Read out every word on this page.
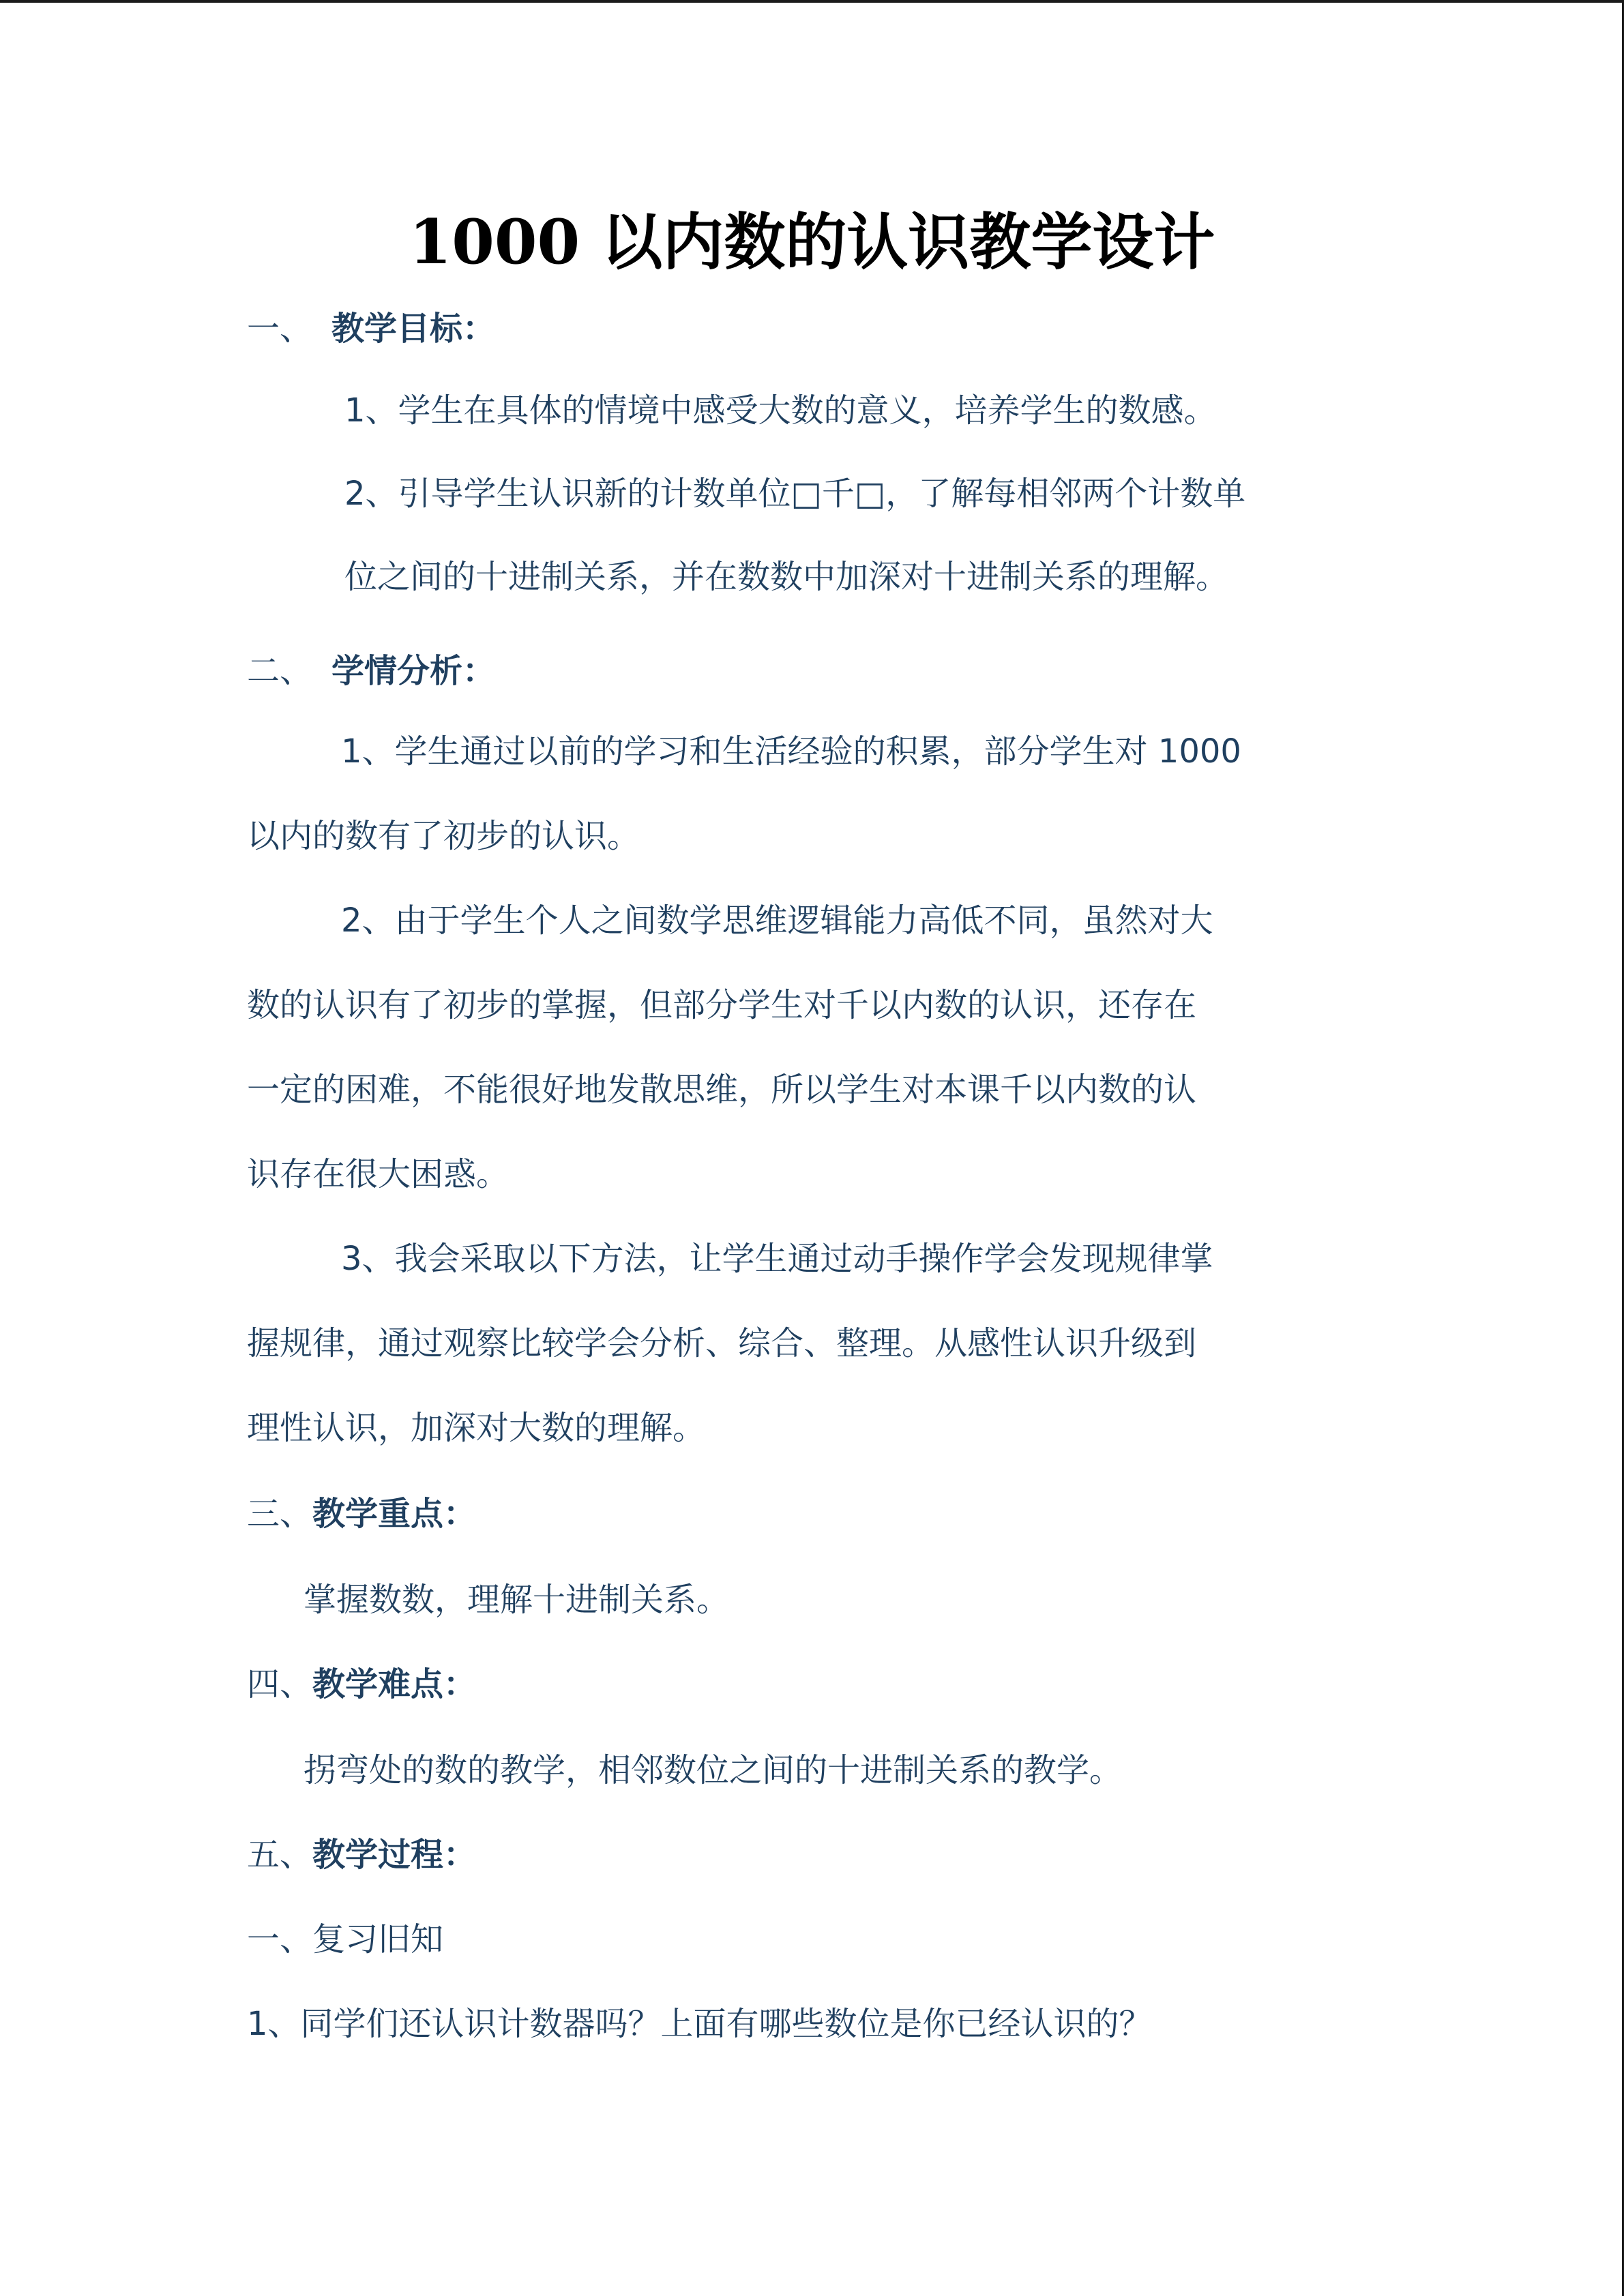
1000 以内数的认识教学设计
一、 教学目标：

1、学生在具体的情境中感受大数的意义，培养学生的数感。

2、引导学生认识新的计数单位□千□，了解每相邻两个计数单

位之间的十进制关系，并在数数中加深对十进制关系的理解。

二、 学情分析：

1、学生通过以前的学习和生活经验的积累，部分学生对 1000

以内的数有了初步的认识。

2、由于学生个人之间数学思维逻辑能力高低不同，虽然对大

数的认识有了初步的掌握，但部分学生对千以内数的认识，还存在

一定的困难，不能很好地发散思维，所以学生对本课千以内数的认

识存在很大困惑。

3、我会采取以下方法，让学生通过动手操作学会发现规律掌

握规律，通过观察比较学会分析、综合、整理。从感性认识升级到

理性认识，加深对大数的理解。

三、教学重点：

掌握数数，理解十进制关系。

四、教学难点：

拐弯处的数的教学，相邻数位之间的十进制关系的教学。

五、教学过程：

一、复习旧知

1、同学们还认识计数器吗？上面有哪些数位是你已经认识的？
